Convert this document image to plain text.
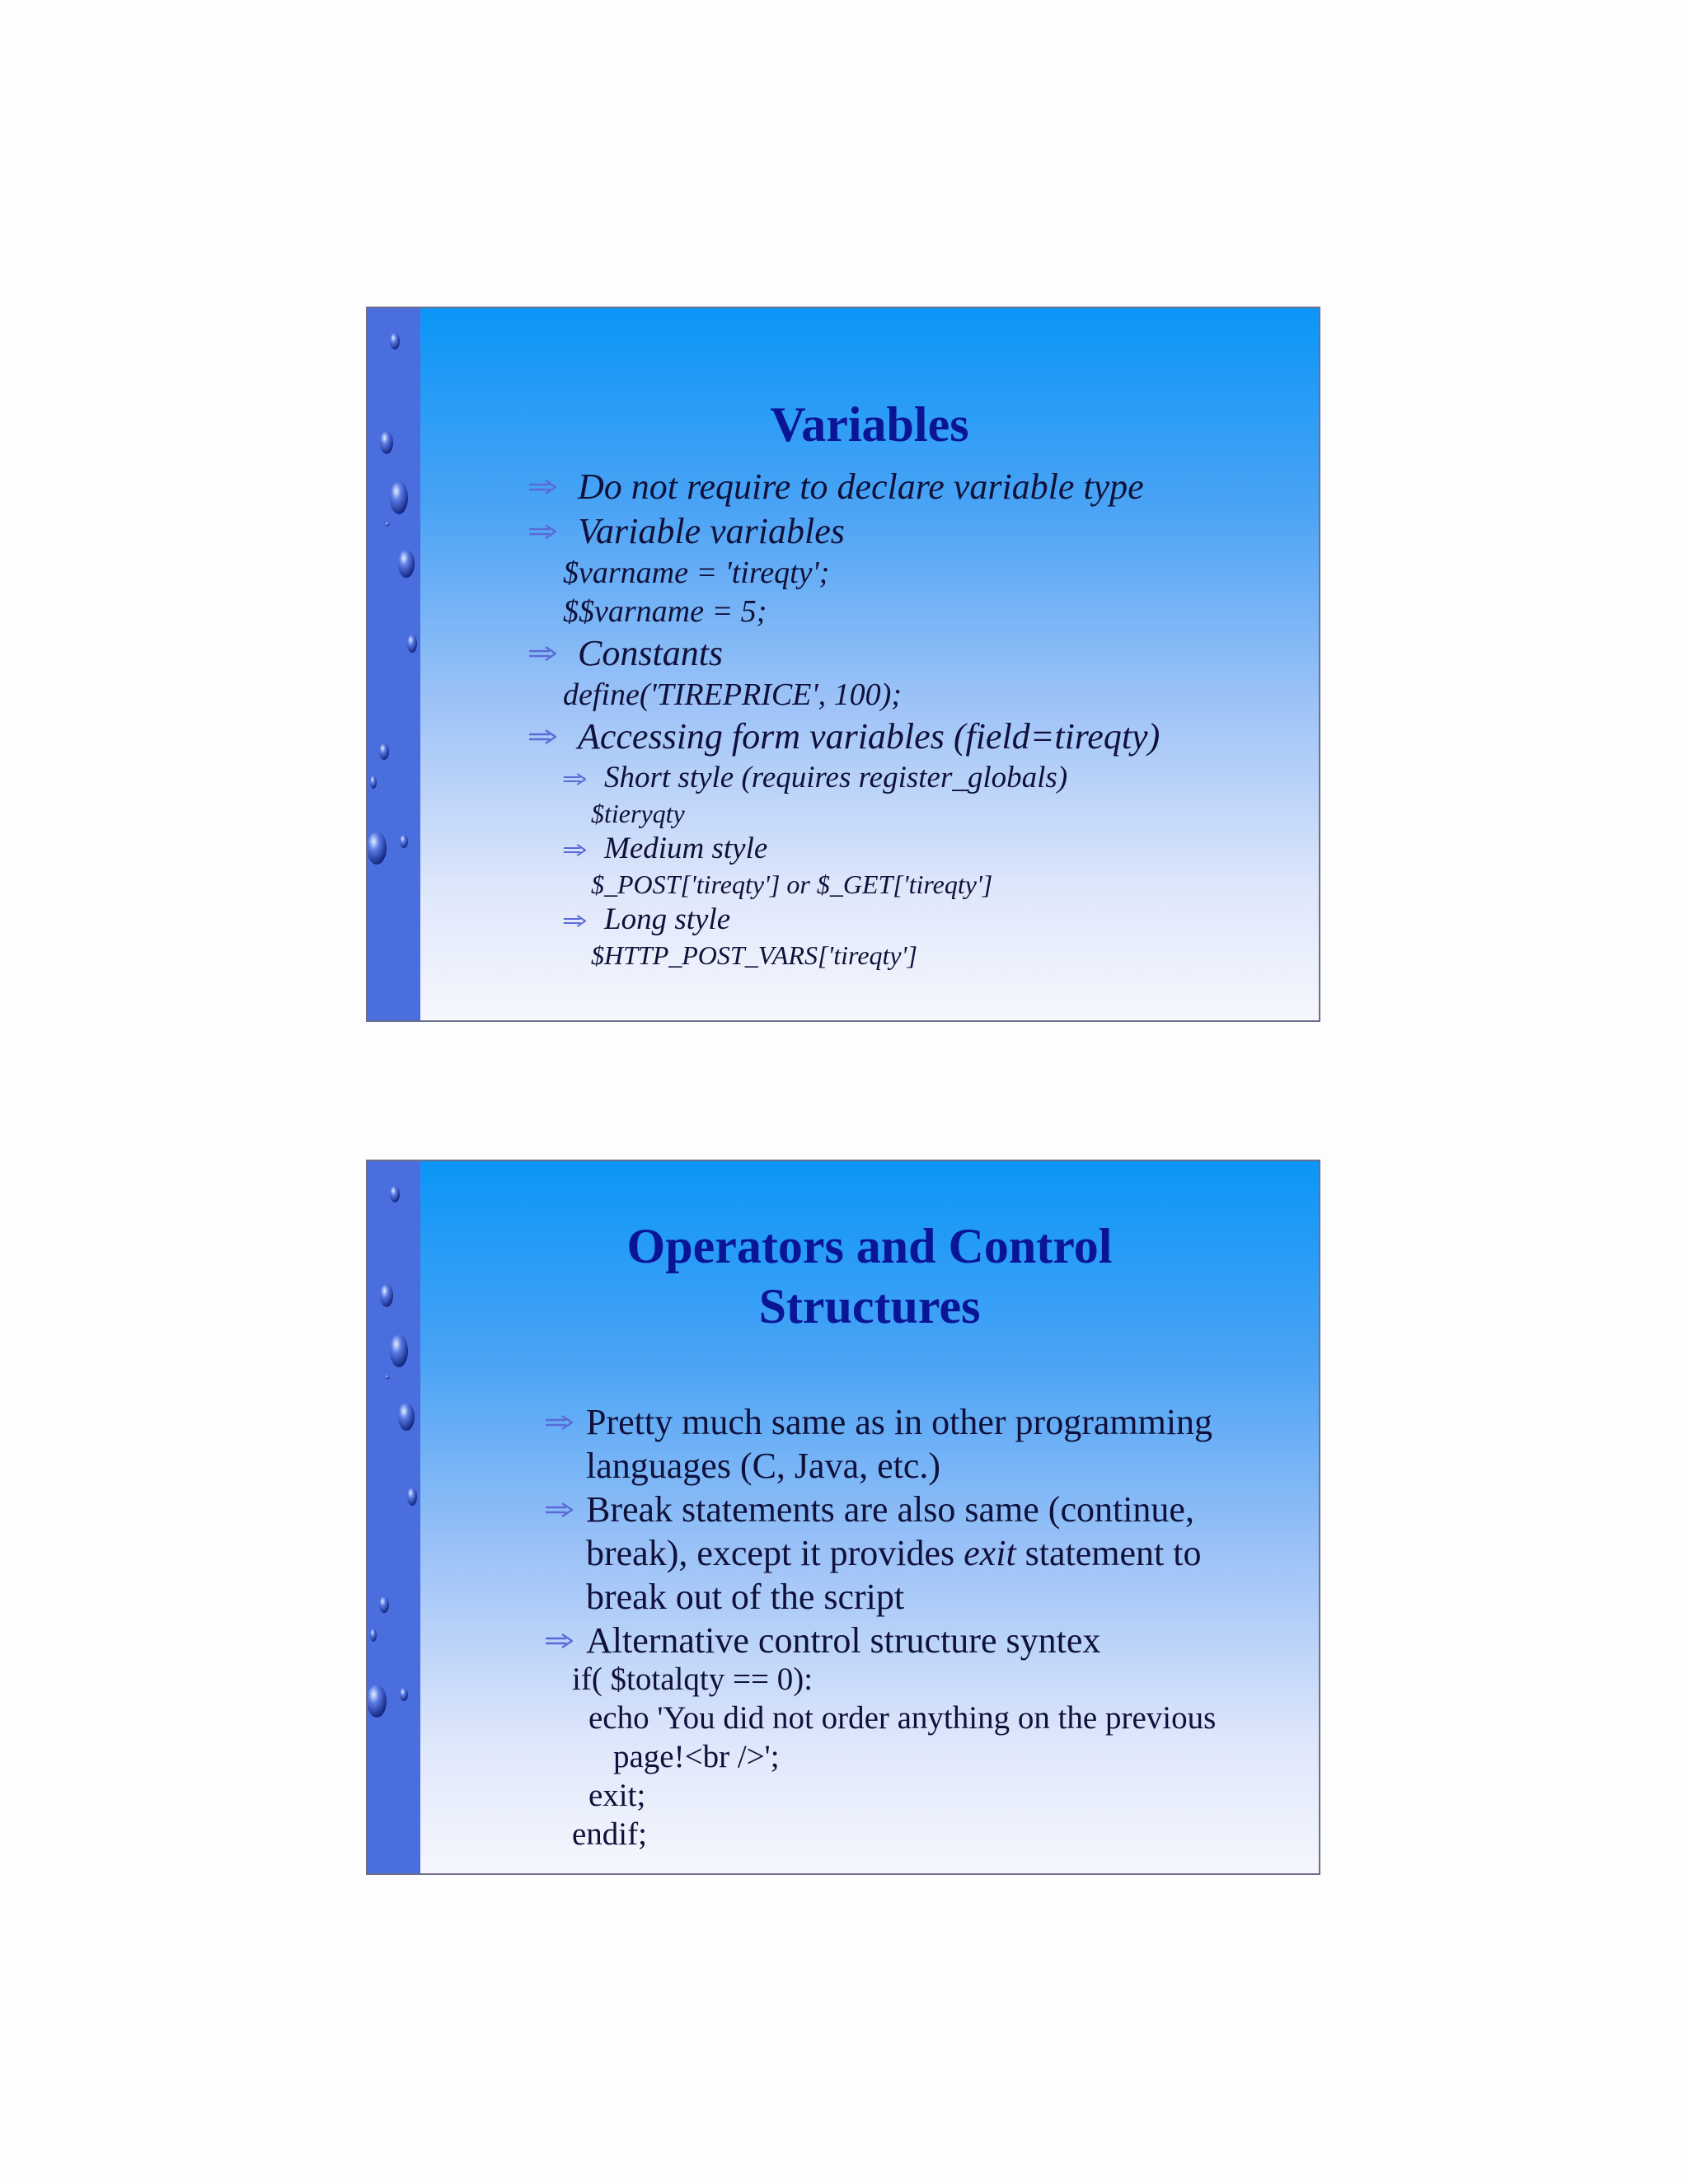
Variables
Do not require to declare variable type
Variable variables
$varname = 'tireqty';
$$varname = 5;
Constants
define('TIREPRICE', 100);
Accessing form variables (field=tireqty)
Short style (requires register_globals)
$tieryqty
Medium style
$_POST['tireqty'] or $_GET['tireqty']
Long style
$HTTP_POST_VARS['tireqty']
Operators and Control
Structures
Pretty much same as in other programming
languages (C, Java, etc.)
Break statements are also same (continue,
break), except it provides exit statement to
break out of the script
Alternative control structure syntex
if( $totalqty == 0):
echo 'You did not order anything on the previous
page!<br />';
exit;
endif;
